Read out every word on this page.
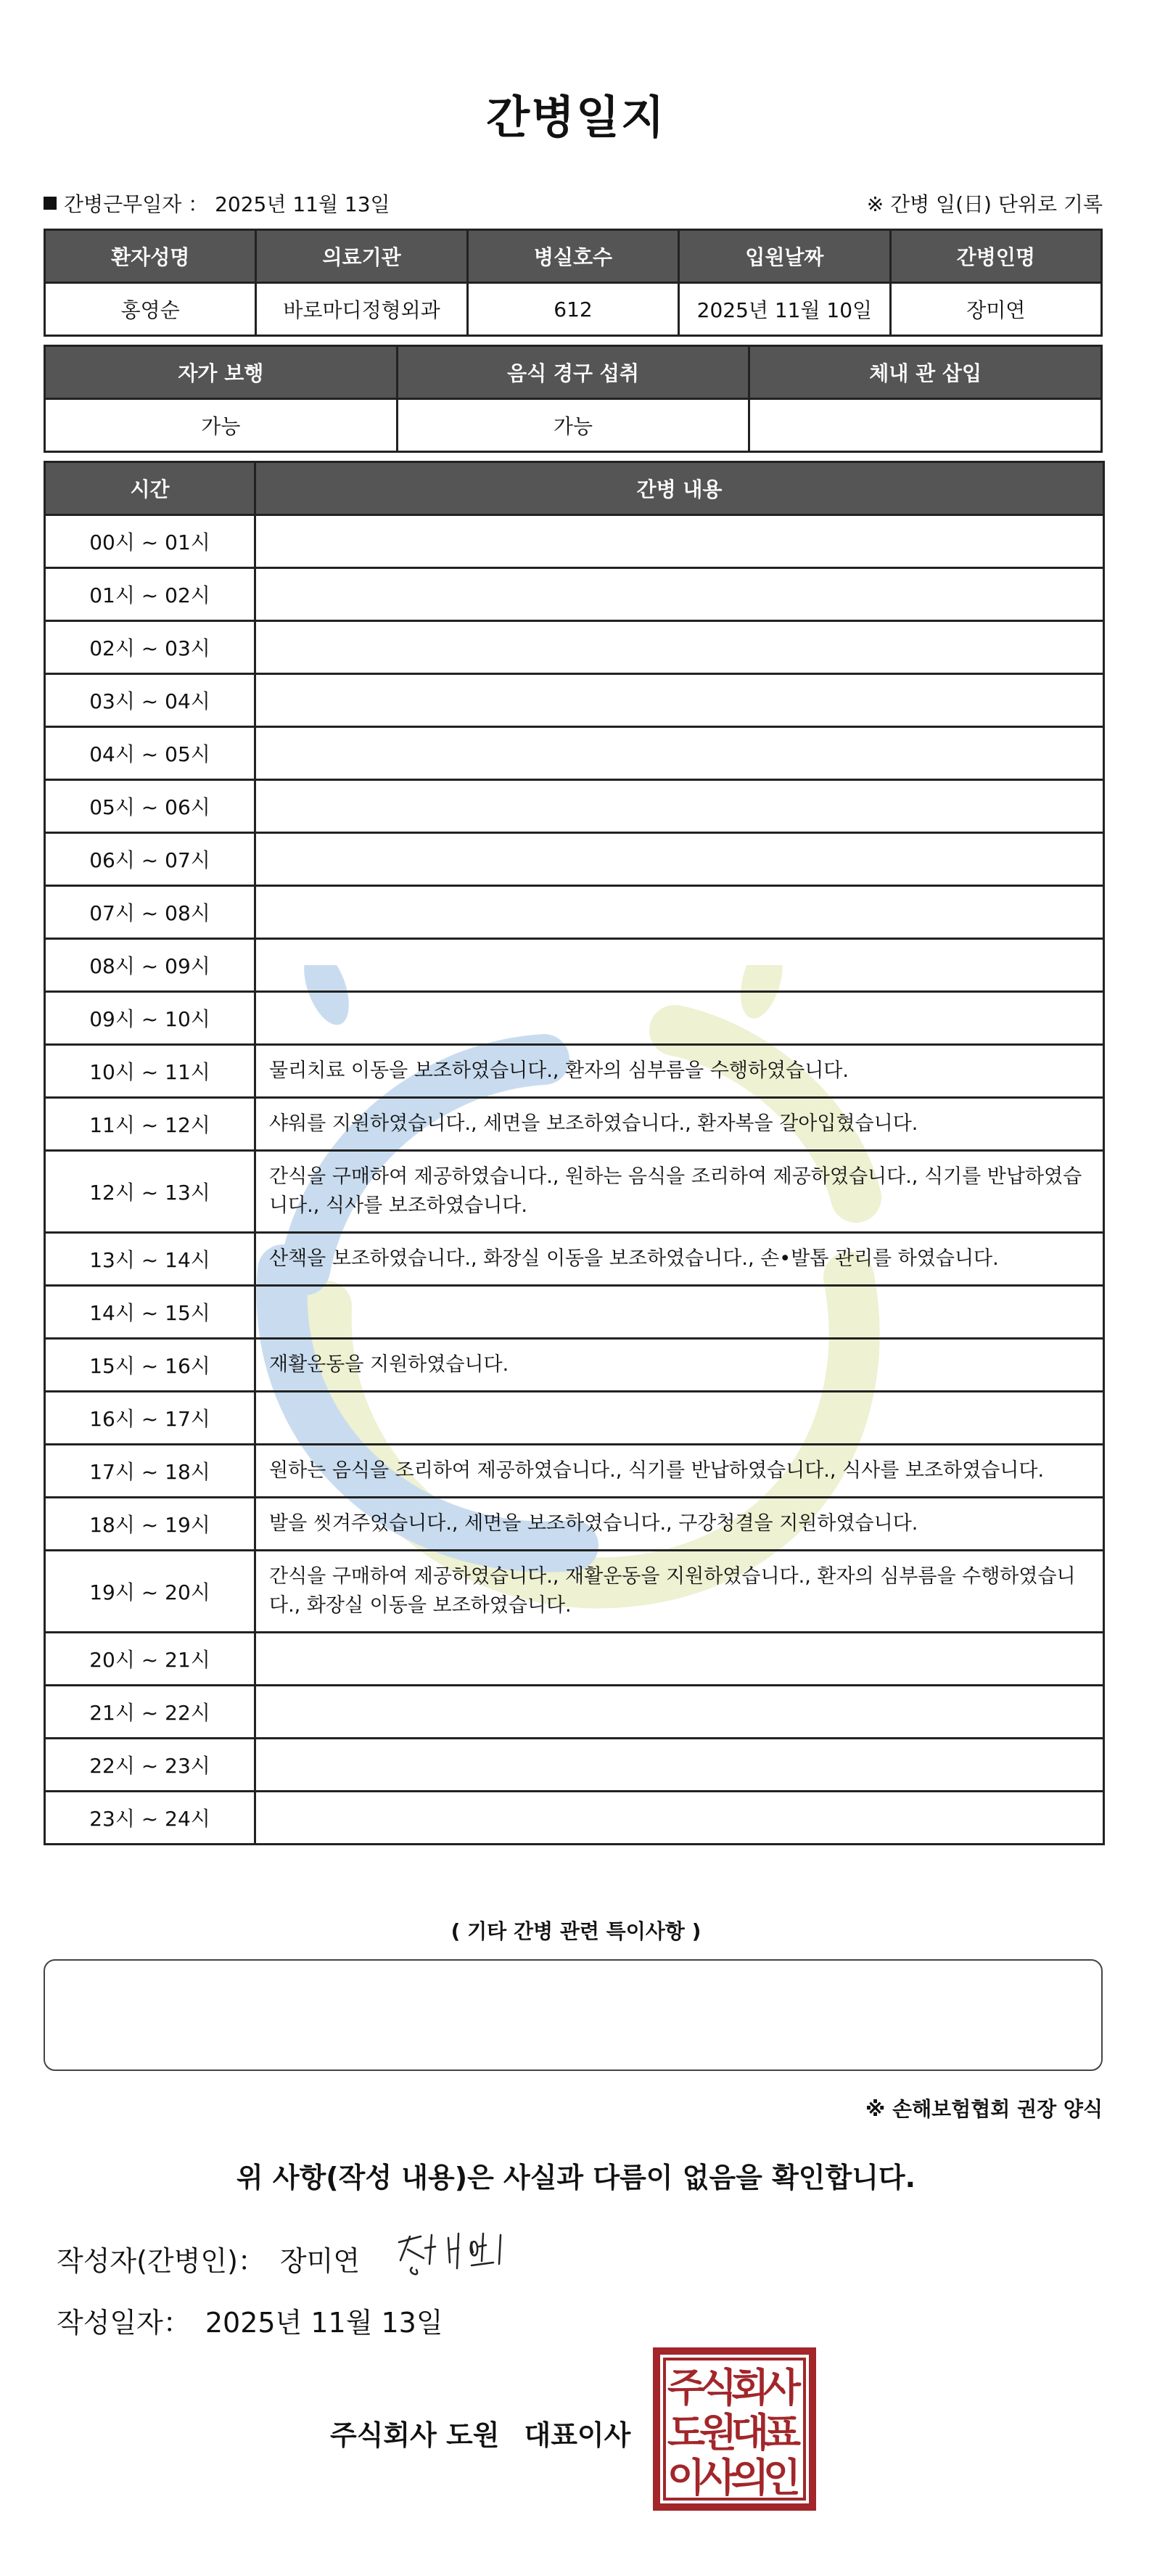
간병일지
간병근무일자 ： 2025년 11월 13일	※ 간병 일(日) 단위로 기록
환자성명	의료기관	병실호수	입원날짜	간병인명
홍영순	바로마디정형외과	612	2025년 11월 10일	장미연
자가 보행	음식 경구 섭취	체내 관 삽입
가능	가능	
시간	간병 내용
00시 ~ 01시	
01시 ~ 02시	
02시 ~ 03시	
03시 ~ 04시	
04시 ~ 05시	
05시 ~ 06시	
06시 ~ 07시	
07시 ~ 08시	
08시 ~ 09시	
09시 ~ 10시	
10시 ~ 11시	물리치료 이동을 보조하였습니다., 환자의 심부름을 수행하였습니다.
11시 ~ 12시	샤워를 지원하였습니다., 세면을 보조하였습니다., 환자복을 갈아입혔습니다.
12시 ~ 13시	간식을 구매하여 제공하였습니다., 원하는 음식을 조리하여 제공하였습니다., 식기를 반납하였습니다., 식사를 보조하였습니다.
13시 ~ 14시	산책을 보조하였습니다., 화장실 이동을 보조하였습니다., 손•발톱 관리를 하였습니다.
14시 ~ 15시	
15시 ~ 16시	재활운동을 지원하였습니다.
16시 ~ 17시	
17시 ~ 18시	원하는 음식을 조리하여 제공하였습니다., 식기를 반납하였습니다., 식사를 보조하였습니다.
18시 ~ 19시	발을 씻겨주었습니다., 세면을 보조하였습니다., 구강청결을 지원하였습니다.
19시 ~ 20시	간식을 구매하여 제공하였습니다., 재활운동을 지원하였습니다., 환자의 심부름을 수행하였습니다., 화장실 이동을 보조하였습니다.
20시 ~ 21시	
21시 ~ 22시	
22시 ~ 23시	
23시 ~ 24시	
( 기타 간병 관련 특이사항 )
※ 손해보험협회 권장 양식
위 사항(작성 내용)은 사실과 다름이 없음을 확인합니다.
작성자(간병인)： 장미연
작성일자： 2025년 11월 13일
주식회사 도원 대표이사
주
식
회
사
도
원
대
표
이
사
의
인
